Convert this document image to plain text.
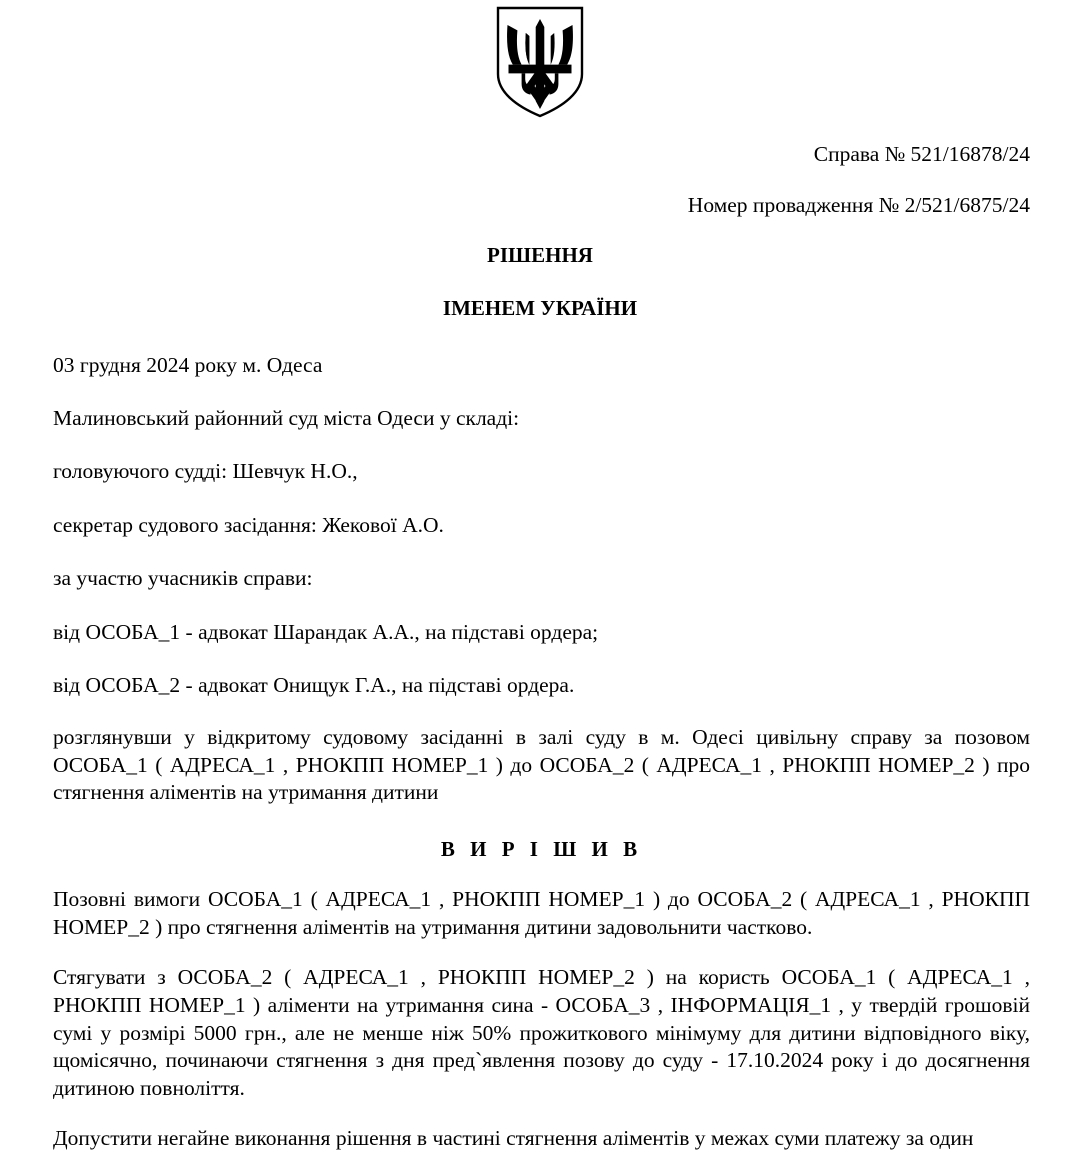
Справа № 521/16878/24
Номер провадження № 2/521/6875/24
РІШЕННЯ
ІМЕНЕМ УКРАЇНИ

03 грудня 2024 року м. Одеса

Малиновський районний суд міста Одеси у складі:

головуючого судді: Шевчук Н.О.,

секретар судового засідання: Жекової А.О.

за участю учасників справи:

від ОСОБА_1 - адвокат Шарандак А.А., на підставі ордера;

від ОСОБА_2 - адвокат Онищук Г.А., на підставі ордера.

розглянувши у відкритому судовому засіданні в залі суду в м. Одесі цивільну справу за позовом ОСОБА_1 ( АДРЕСА_1 , РНОКПП НОМЕР_1 ) до ОСОБА_2 ( АДРЕСА_1 , РНОКПП НОМЕР_2 ) про стягнення аліментів на утримання дитини

В И Р І Ш И В

Позовні вимоги ОСОБА_1 ( АДРЕСА_1 , РНОКПП НОМЕР_1 ) до ОСОБА_2 ( АДРЕСА_1 , РНОКПП НОМЕР_2 ) про стягнення аліментів на утримання дитини задовольнити частково.

Стягувати з ОСОБА_2 ( АДРЕСА_1 , РНОКПП НОМЕР_2 ) на користь ОСОБА_1 ( АДРЕСА_1 , РНОКПП НОМЕР_1 ) аліменти на утримання сина - ОСОБА_3 , ІНФОРМАЦІЯ_1 , у твердій грошовій сумі у розмірі 5000 грн., але не менше ніж 50% прожиткового мінімуму для дитини відповідного віку, щомісячно, починаючи стягнення з дня пред`явлення позову до суду - 17.10.2024 року і до досягнення дитиною повноліття.

Допустити негайне виконання рішення в частині стягнення аліментів у межах суми платежу за один
